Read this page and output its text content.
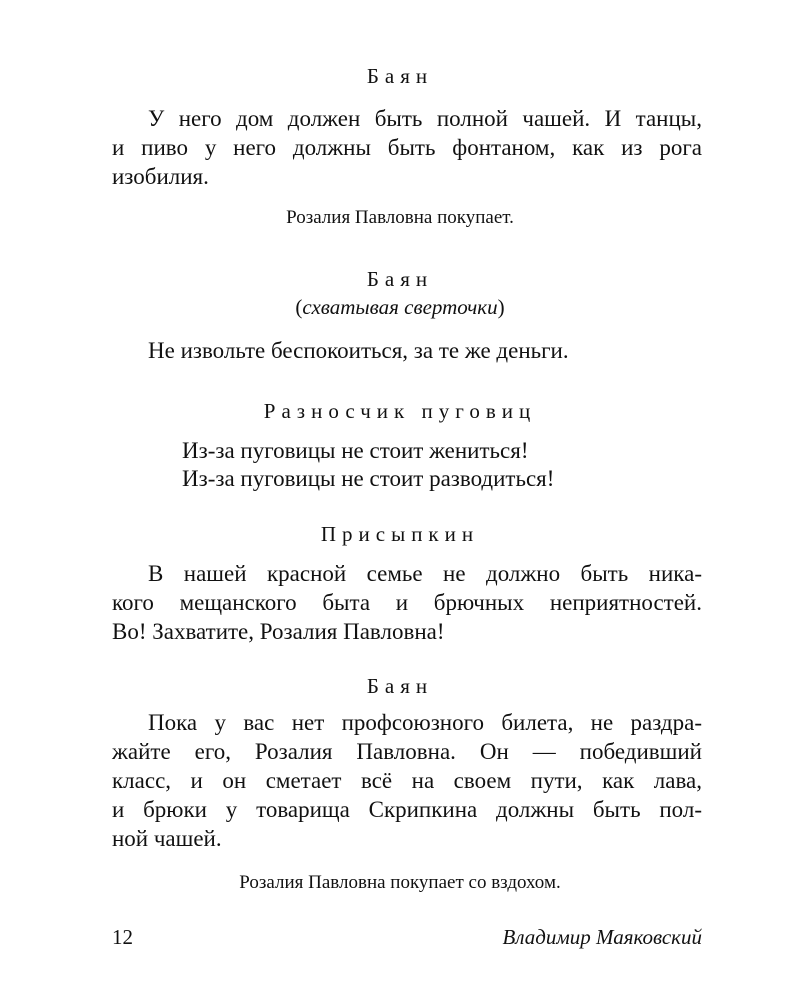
Баян
У него дом должен быть полной чашей. И танцы,
и пиво у него должны быть фонтаном, как из рога
изобилия.
Розалия Павловна покупает.
Баян
(схватывая сверточки)
Не извольте беспокоиться, за те же деньги.
Разносчик пуговиц
Из-за пуговицы не стоит жениться!
Из-за пуговицы не стоит разводиться!
Присыпкин
В нашей красной семье не должно быть ника-
кого мещанского быта и брючных неприятностей.
Во! Захватите, Розалия Павловна!
Баян
Пока у вас нет профсоюзного билета, не раздра-
жайте его, Розалия Павловна. Он — победивший
класс, и он сметает всё на своем пути, как лава,
и брюки у товарища Скрипкина должны быть пол-
ной чашей.
Розалия Павловна покупает со вздохом.
12	Владимир Маяковский
